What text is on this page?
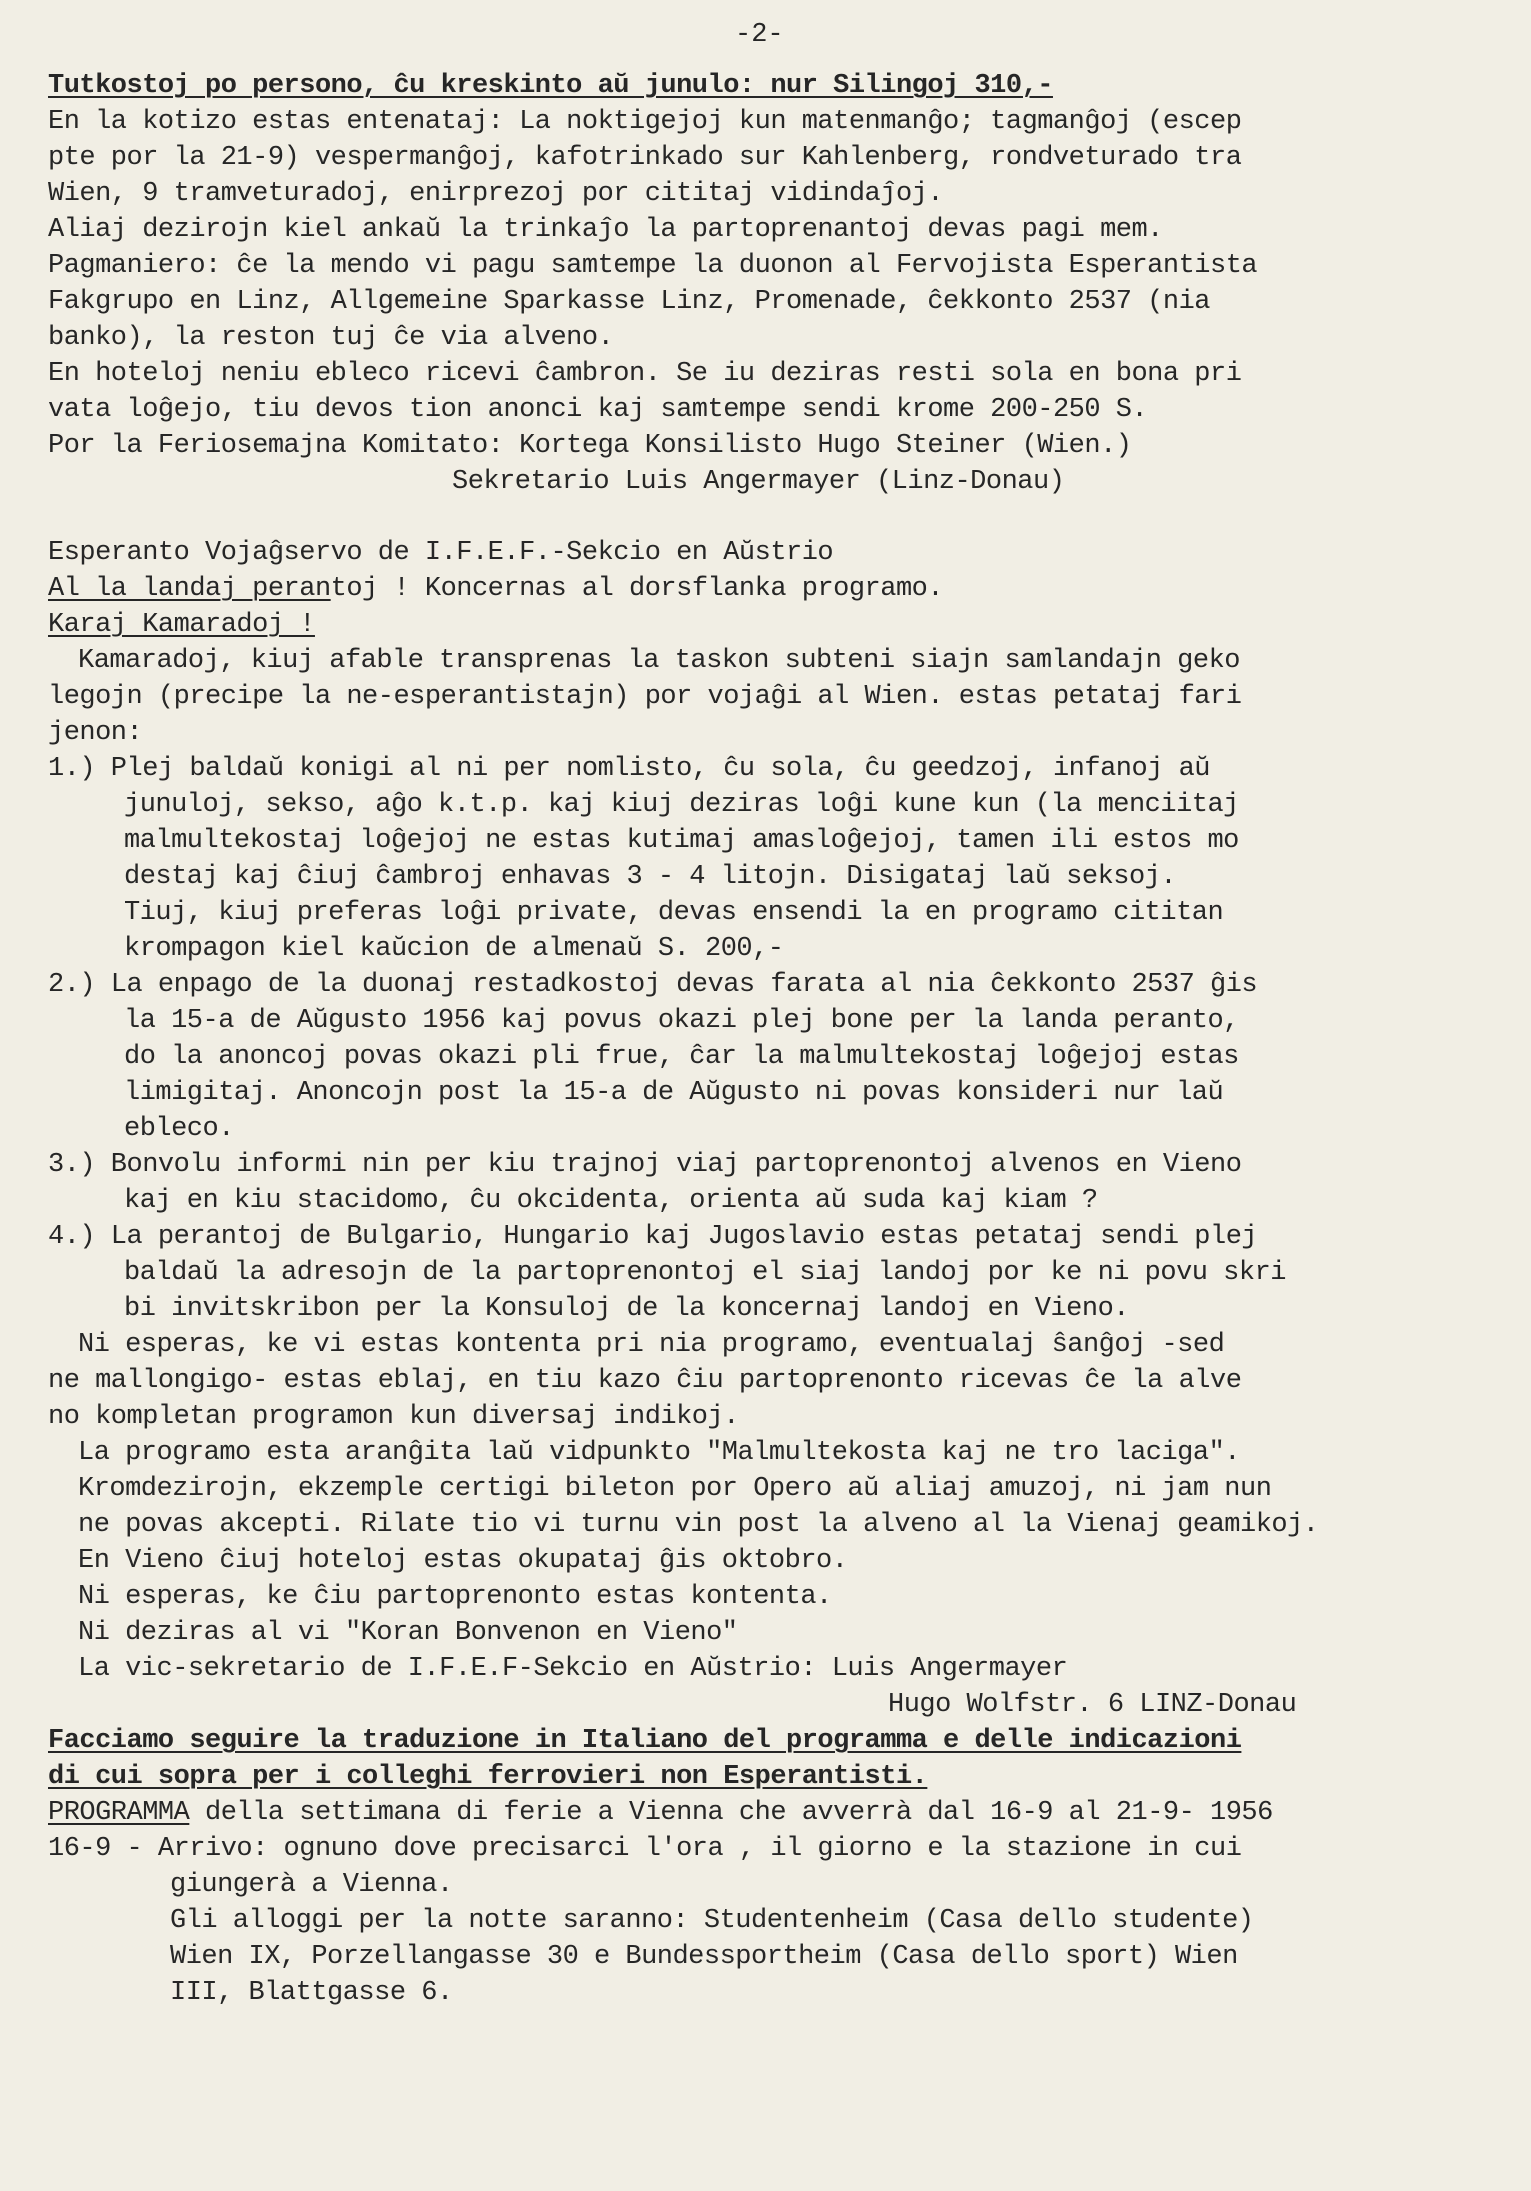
-2-
Tutkostoj po persono, ĉu kreskinto aŭ junulo: nur Silingoj 310,-
En la kotizo estas entenataj: La noktigejoj kun matenmanĝo; tagmanĝoj (escep
pte por la 21-9) vespermanĝoj, kafotrinkado sur Kahlenberg, rondveturado tra
Wien, 9 tramveturadoj, enirprezoj por cititaj vidindaĵoj.
Aliaj dezirojn kiel ankaŭ la trinkaĵo la partoprenantoj devas pagi mem.
Pagmaniero: ĉe la mendo vi pagu samtempe la duonon al Fervojista Esperantista
Fakgrupo en Linz, Allgemeine Sparkasse Linz, Promenade, ĉekkonto 2537 (nia
banko), la reston tuj ĉe via alveno.
En hoteloj neniu ebleco ricevi ĉambron. Se iu deziras resti sola en bona pri
vata loĝejo, tiu devos tion anonci kaj samtempe sendi krome 200-250 S.
Por la Feriosemajna Komitato: Kortega Konsilisto Hugo Steiner (Wien.)
Sekretario Luis Angermayer (Linz-Donau)
Esperanto Vojaĝservo de I.F.E.F.-Sekcio en Aŭstrio
Al la landaj perantoj ! Koncernas al dorsflanka programo.
Karaj Kamaradoj !
Kamaradoj, kiuj afable transprenas la taskon subteni siajn samlandajn geko
legojn (precipe la ne-esperantistajn) por vojaĝi al Wien. estas petataj fari
jenon:
1.) Plej baldaŭ konigi al ni per nomlisto, ĉu sola, ĉu geedzoj, infanoj aŭ
junuloj, sekso, aĝo k.t.p. kaj kiuj deziras loĝi kune kun (la menciitaj
malmultekostaj loĝejoj ne estas kutimaj amasloĝejoj, tamen ili estos mo
destaj kaj ĉiuj ĉambroj enhavas 3 - 4 litojn. Disigataj laŭ seksoj.
Tiuj, kiuj preferas loĝi private, devas ensendi la en programo cititan
krompagon kiel kaŭcion de almenaŭ S. 200,-
2.) La enpago de la duonaj restadkostoj devas farata al nia ĉekkonto 2537 ĝis
la 15-a de Aŭgusto 1956 kaj povus okazi plej bone per la landa peranto,
do la anoncoj povas okazi pli frue, ĉar la malmultekostaj loĝejoj estas
limigitaj. Anoncojn post la 15-a de Aŭgusto ni povas konsideri nur laŭ
ebleco.
3.) Bonvolu informi nin per kiu trajnoj viaj partoprenontoj alvenos en Vieno
kaj en kiu stacidomo, ĉu okcidenta, orienta aŭ suda kaj kiam ?
4.) La perantoj de Bulgario, Hungario kaj Jugoslavio estas petataj sendi plej
baldaŭ la adresojn de la partoprenontoj el siaj landoj por ke ni povu skri
bi invitskribon per la Konsuloj de la koncernaj landoj en Vieno.
Ni esperas, ke vi estas kontenta pri nia programo, eventualaj ŝanĝoj -sed
ne mallongigo- estas eblaj, en tiu kazo ĉiu partoprenonto ricevas ĉe la alve
no kompletan programon kun diversaj indikoj.
La programo esta aranĝita laŭ vidpunkto "Malmultekosta kaj ne tro laciga".
Kromdezirojn, ekzemple certigi bileton por Opero aŭ aliaj amuzoj, ni jam nun
ne povas akcepti. Rilate tio vi turnu vin post la alveno al la Vienaj geamikoj.
En Vieno ĉiuj hoteloj estas okupataj ĝis oktobro.
Ni esperas, ke ĉiu partoprenonto estas kontenta.
Ni deziras al vi "Koran Bonvenon en Vieno"
La vic-sekretario de I.F.E.F-Sekcio en Aŭstrio: Luis Angermayer
Hugo Wolfstr. 6 LINZ-Donau
Facciamo seguire la traduzione in Italiano del programma e delle indicazioni
di cui sopra per i colleghi ferrovieri non Esperantisti.
PROGRAMMA della settimana di ferie a Vienna che avverrà dal 16-9 al 21-9- 1956
16-9 - Arrivo: ognuno dove precisarci l'ora , il giorno e la stazione in cui
giungerà a Vienna.
Gli alloggi per la notte saranno: Studentenheim (Casa dello studente)
Wien IX, Porzellangasse 30 e Bundessportheim (Casa dello sport) Wien
III, Blattgasse 6.
